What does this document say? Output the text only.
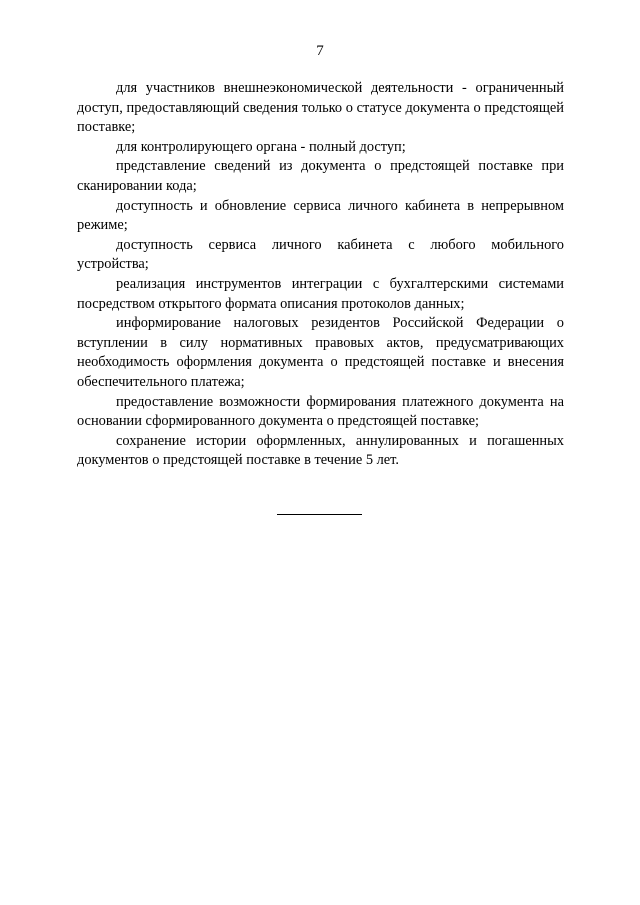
7

для участников внешнеэкономической деятельности - ограниченный доступ, предоставляющий сведения только о статусе документа о предстоящей поставке;

для контролирующего органа - полный доступ;

представление сведений из документа о предстоящей поставке при сканировании кода;

доступность и обновление сервиса личного кабинета в непрерывном режиме;

доступность сервиса личного кабинета с любого мобильного устройства;

реализация инструментов интеграции с бухгалтерскими системами посредством открытого формата описания протоколов данных;

информирование налоговых резидентов Российской Федерации о вступлении в силу нормативных правовых актов, предусматривающих необходимость оформления документа о предстоящей поставке и внесения обеспечительного платежа;

предоставление возможности формирования платежного документа на основании сформированного документа о предстоящей поставке;

сохранение истории оформленных, аннулированных и погашенных документов о предстоящей поставке в течение 5 лет.
